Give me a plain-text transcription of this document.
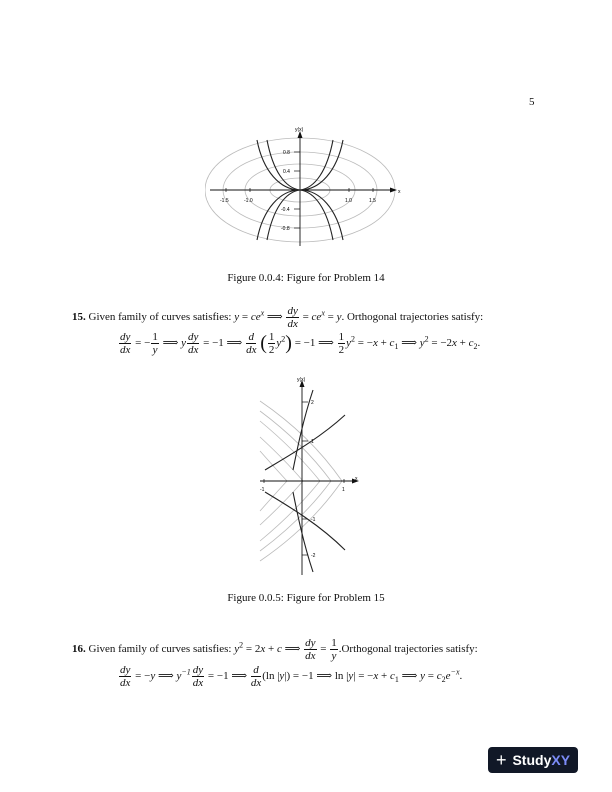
5
y(x)
x
-1.5	-1.0	1.0	1.5
0.8
0.4
-0.4
-0.8
Figure 0.0.4: Figure for Problem 14
15. Given family of curves satisfies: $y = ce^x$ ⟹ $\frac{dy}{dx} = ce^x = y$. Orthogonal trajectories satisfy:
$\frac{dy}{dx}$ = − $\frac{1}{y}$ ⟹ y $\frac{dy}{dx} = -1$ ⟹ $\frac{d}{dx}$ ( $\frac{1}{2} y^2) = -1$ ⟹ $\frac{1}{2} y^2 = -x + c_1$ ⟹ $y^2 = -2x + c_2$.
y(x)
x
-1	1
2
1
-1
-2
Figure 0.0.5: Figure for Problem 15
16. Given family of curves satisfies: $y^2 = 2x + c$ ⟹ $\frac{dy}{dx} = \frac{1}{y}$ .Orthogonal trajectories satisfy:
$\frac{dy}{dx} = -y$ ⟹ $y^{-1} \frac{dy}{dx} = -1$ ⟹ $\frac{d}{dx} (\ln$ |y|) = −1 ⟹ $\ln |y| = -x + c_1$ ⟹ $y = c_2e^{-x}$.
+ Study XY
